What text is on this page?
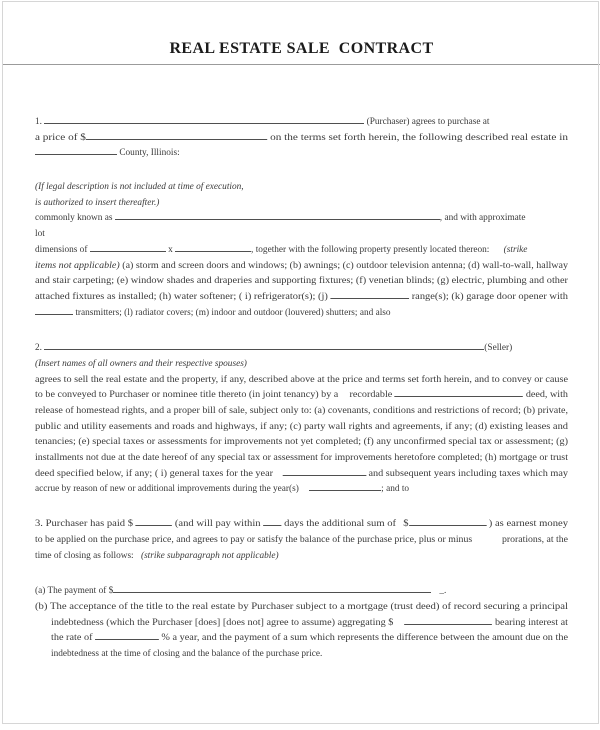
REAL ESTATE SALE  CONTRACT
1.	(Purchaser) agrees to purchase at
a price of $	on the terms set forth herein, the following described real estate in
County, Illinois:
(If legal description is not included at time of execution,
is authorized to insert thereafter.)
commonly known as	, and with approximate
lot
dimensions of	x	, together with the following property presently located thereon: (strike
items not applicable) (a) storm and screen doors and windows; (b) awnings; (c) outdoor television antenna; (d) wall-to-wall, hallway
and stair carpeting; (e) window shades and draperies and supporting fixtures; (f) venetian blinds; (g) electric, plumbing and other
attached fixtures as installed; (h) water softener; ( i) refrigerator(s); (j)	range(s); (k) garage door opener with
transmitters; (l) radiator covers; (m) indoor and outdoor (louvered) shutters; and also
2.	(Seller)
(Insert names of all owners and their respective spouses)
agrees to sell the real estate and the property, if any, described above at the price and terms set forth herein, and to convey or cause
to be conveyed to Purchaser or nominee title thereto (in joint tenancy) by a recordable	deed, with
release of homestead rights, and a proper bill of sale, subject only to: (a) covenants, conditions and restrictions of record; (b) private,
public and utility easements and roads and highways, if any; (c) party wall rights and agreements, if any; (d) existing leases and
tenancies; (e) special taxes or assessments for improvements not yet completed; (f) any unconfirmed special tax or assessment; (g)
installments not due at the date hereof of any special tax or assessment for improvements heretofore completed; (h) mortgage or trust
deed specified below, if any; ( i) general taxes for the year	and subsequent years including taxes which may
accrue by reason of new or additional improvements during the year(s)	; and to
3. Purchaser has paid $	(and will pay within  days the additional sum of $	) as earnest money
to be applied on the purchase price, and agrees to pay or satisfy the balance of the purchase price, plus or minus	prorations, at the
time of closing as follows: (strike subparagraph not applicable)
(a) The payment of $	_.
(b) The acceptance of the title to the real estate by Purchaser subject to a mortgage (trust deed) of record securing a principal
indebtedness (which the Purchaser [does] [does not] agree to assume) aggregating $	bearing interest at
the rate of	% a year, and the payment of a sum which represents the difference between the amount due on the
indebtedness at the time of closing and the balance of the purchase price.
